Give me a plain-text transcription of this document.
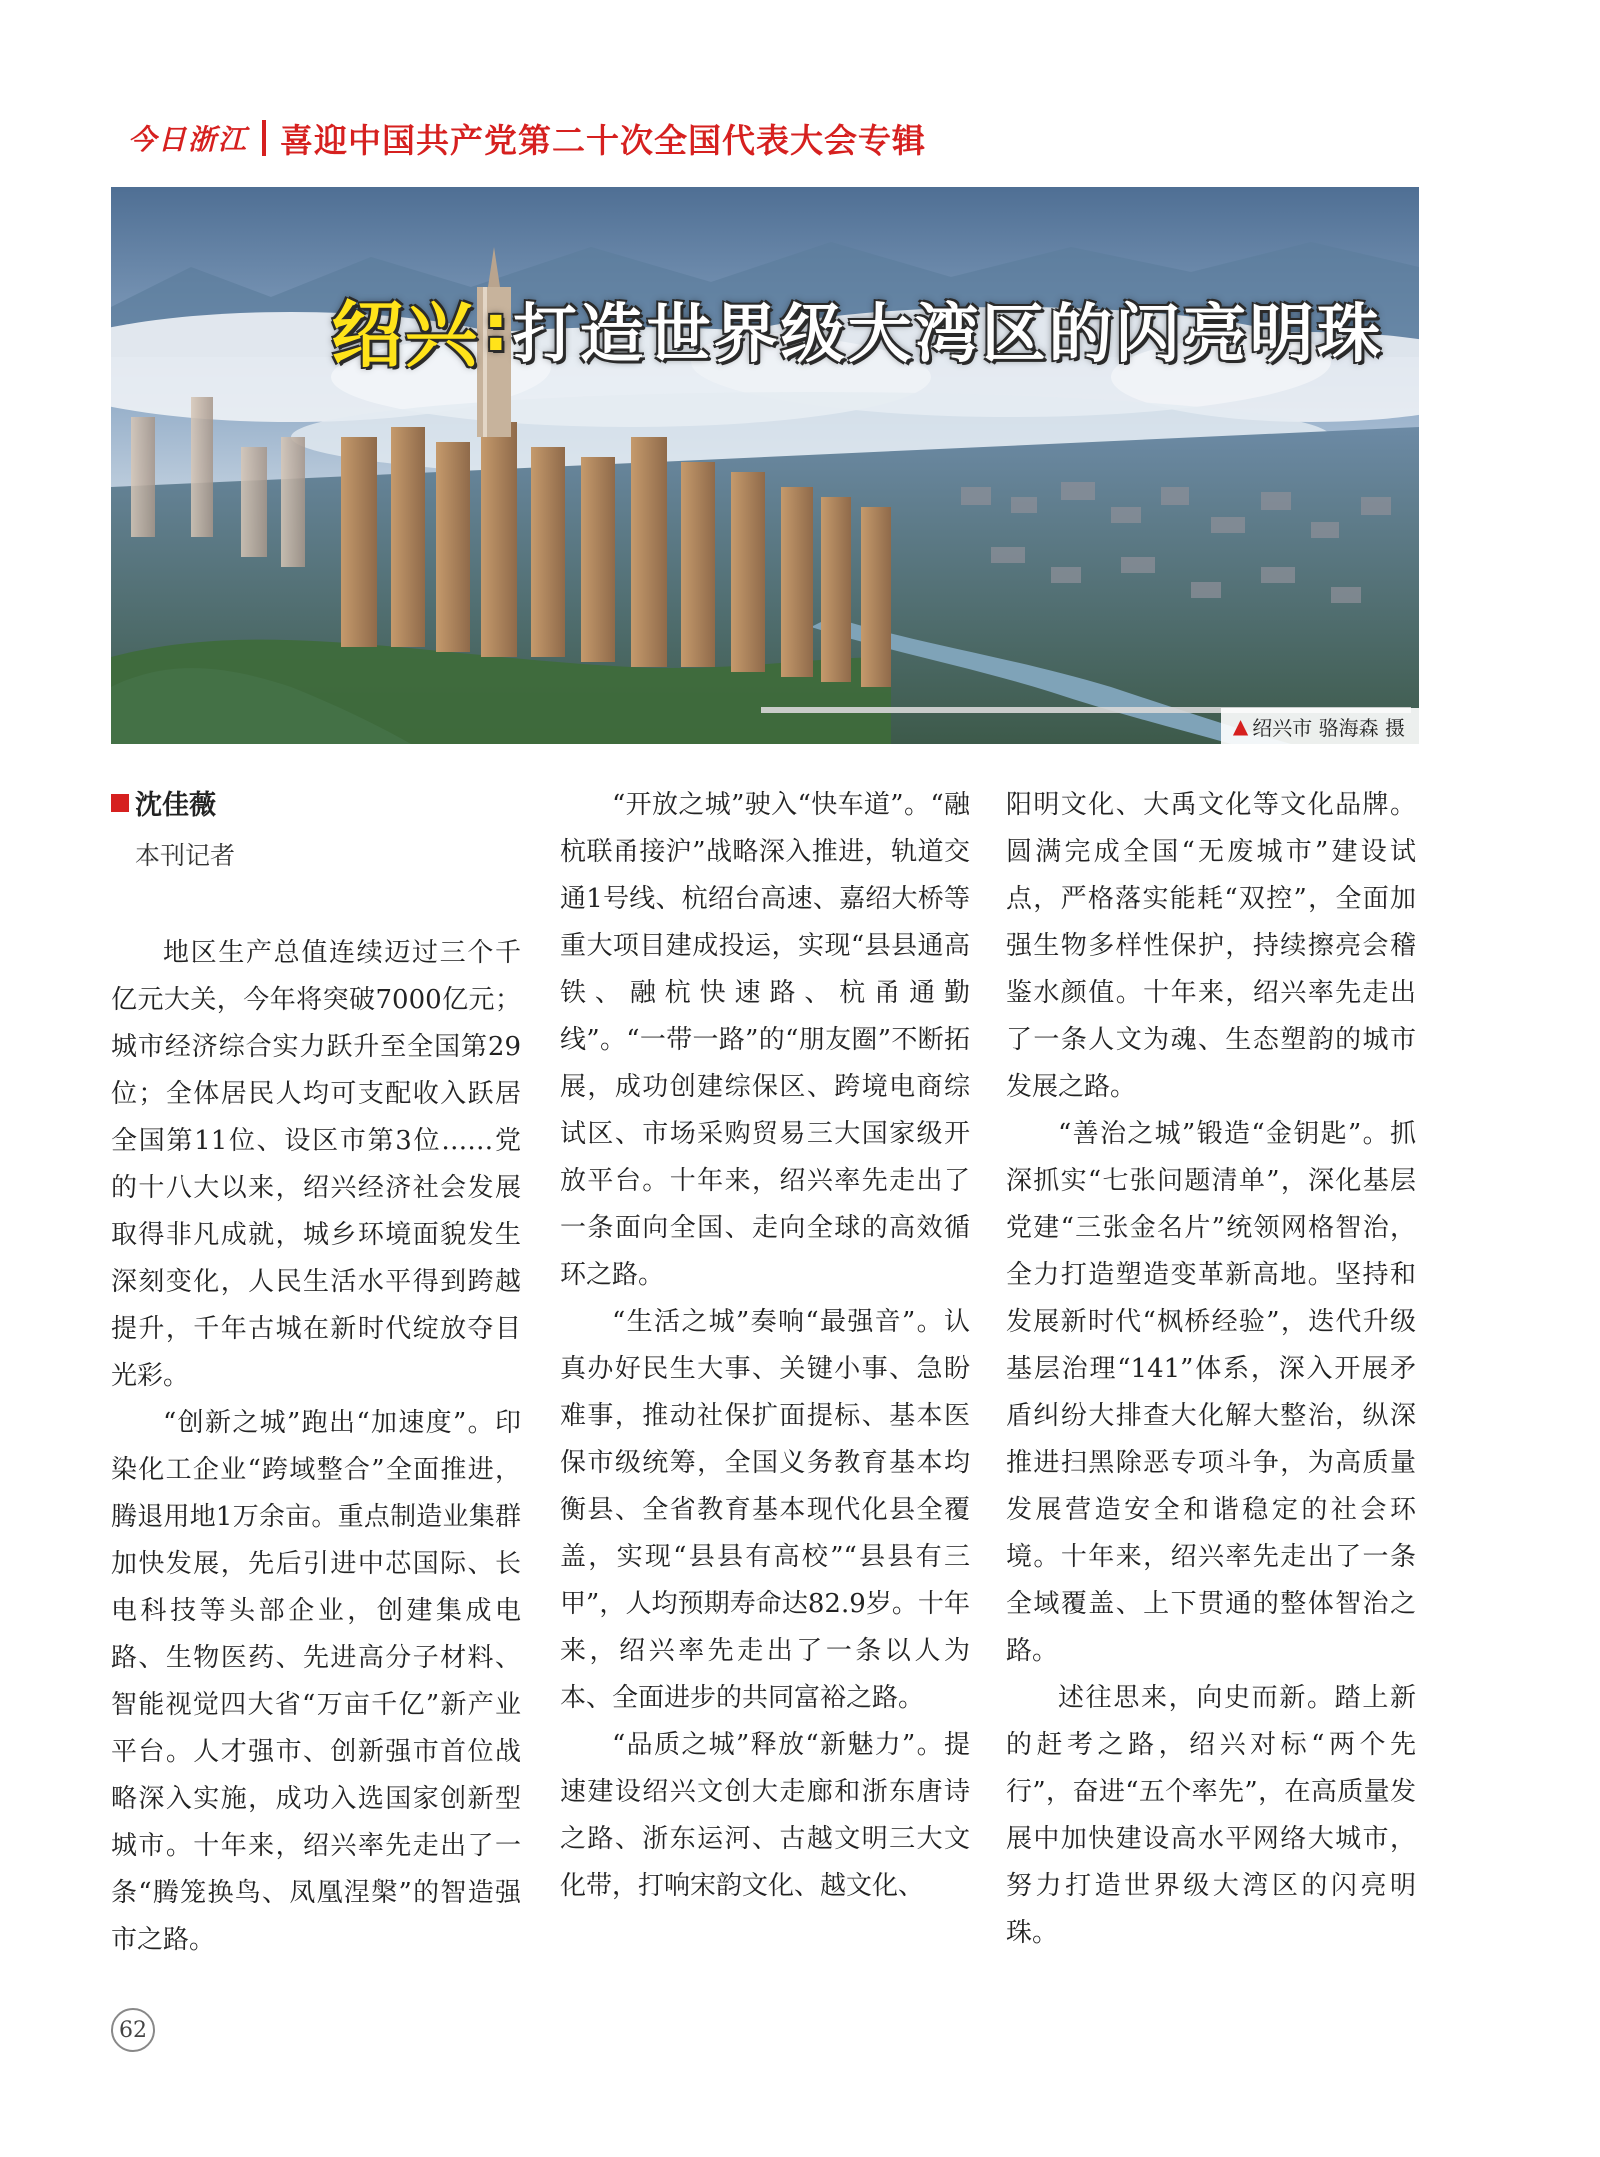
今日浙江 喜迎中国共产党第二十次全国代表大会专辑
绍兴 : 打造世界级大湾区的闪亮明珠
▲ 绍兴市 骆海森 摄
沈佳薇
本刊记者

地区生产总值连续迈过三个千亿元大关，今年将突破7000亿元；城市经济综合实力跃升至全国第29位；全体居民人均可支配收入跃居全国第11位、设区市第3位……党的十八大以来，绍兴经济社会发展取得非凡成就，城乡环境面貌发生深刻变化，人民生活水平得到跨越提升，千年古城在新时代绽放夺目光彩。

“创新之城”跑出“加速度”。印染化工企业“跨域整合”全面推进，腾退用地1万余亩。重点制造业集群加快发展，先后引进中芯国际、长电科技等头部企业，创建集成电路、生物医药、先进高分子材料、智能视觉四大省“万亩千亿”新产业平台。人才强市、创新强市首位战略深入实施，成功入选国家创新型城市。十年来，绍兴率先走出了一条“腾笼换鸟、凤凰涅槃”的智造强市之路。

“开放之城”驶入“快车道”。“融杭联甬接沪”战略深入推进，轨道交通1号线、杭绍台高速、嘉绍大桥等重大项目建成投运，实现“县县通高铁、融杭快速路、杭甬通勤线”。“一带一路”的“朋友圈”不断拓展，成功创建综保区、跨境电商综试区、市场采购贸易三大国家级开放平台。十年来，绍兴率先走出了一条面向全国、走向全球的高效循环之路。

“生活之城”奏响“最强音”。认真办好民生大事、关键小事、急盼难事，推动社保扩面提标、基本医保市级统筹，全国义务教育基本均衡县、全省教育基本现代化县全覆盖，实现“县县有高校”“县县有三甲”，人均预期寿命达82.9岁。十年来，绍兴率先走出了一条以人为本、全面进步的共同富裕之路。

“品质之城”释放“新魅力”。提速建设绍兴文创大走廊和浙东唐诗之路、浙东运河、古越文明三大文化带，打响宋韵文化、越文化、

阳明文化、大禹文化等文化品牌。圆满完成全国“无废城市”建设试点，严格落实能耗“双控”，全面加强生物多样性保护，持续擦亮会稽鉴水颜值。十年来，绍兴率先走出了一条人文为魂、生态塑韵的城市发展之路。

“善治之城”锻造“金钥匙”。抓深抓实“七张问题清单”，深化基层党建“三张金名片”统领网格智治，全力打造塑造变革新高地。坚持和发展新时代“枫桥经验”，迭代升级基层治理“141”体系，深入开展矛盾纠纷大排查大化解大整治，纵深推进扫黑除恶专项斗争，为高质量发展营造安全和谐稳定的社会环境。十年来，绍兴率先走出了一条全域覆盖、上下贯通的整体智治之路。

述往思来，向史而新。踏上新的赶考之路，绍兴对标“两个先行”，奋进“五个率先”，在高质量发展中加快建设高水平网络大城市，努力打造世界级大湾区的闪亮明珠。

62
